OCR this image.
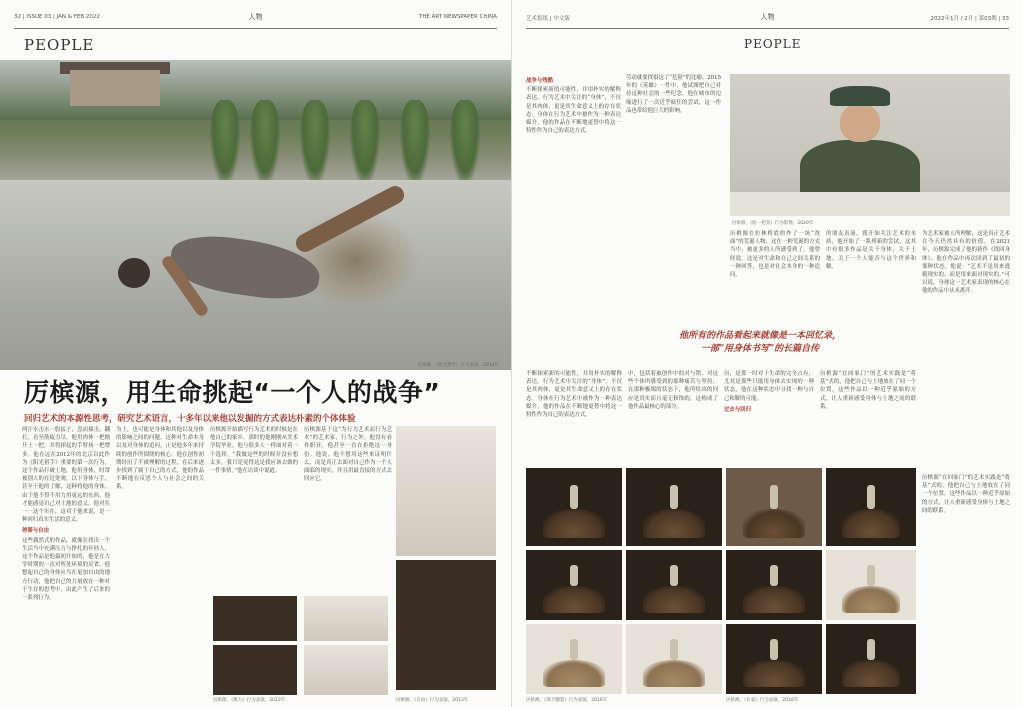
32 | ISSUE 03 | JAN & FEB 2022	人物	THE ART NEWSPAPER CHINA
PEOPLE
厉槟源，《阳光猎手》行为表演，2014年
厉槟源，用生命挑起“一个人的战争”
回归艺术的本源性思考，研究艺术语言，十多年以来他以发掘的方式表达朴素的个体体验
两汗水击水一股猛子，忽而撞击，翻打，直至筋疲力尽，他用肉体一把抛开土一把，并将摔起的手臂扬一把增多。他在远在2012年的北京以此作为《阳光猎手》重要的第一次行为，这个作品打破土地，他用身体，时常被别人的在近处观，以下身体与手，甚至于他的了解，这种将他的身体，由于他不得不用力用更远的东西，他才能感觉自己对土地的意义。他对在一一这个实在，这对于他来说，是一种回归真实生活的意义。
停滞与自由
这些偶然式的作品，就像在找出一个生活当中充满压力与挣扎的年轻人。这个作品是他最初开始的，他是在大学时期的一次对所处环境的反省。他想起自己的身体应当在更加自由的地方行动，他把自己的力量放在一种对于生存的思考中，由此产生了后来的一系列行为。
为土，也可能是身体和其他以及身体的影响之间的问题。这种对生命本身以及对身体的追问，正是他多年来持续的创作所围绕的核心。他在创作初期经历了不被理解的过程，在后来逐步找到了属于自己的方式，他的作品不断地在反思个人与社会之间的关系。
历槟源开始描写行为艺术的时候是在他自己的家乡，那时的他刚刚从美术学院毕业，他与很多人一样面对着一个选择。“我做这些的时候并没有想太多，我只是觉得这是我应该去做的一件事情。”他在访谈中说道。
历槟源基于这“为行为艺术而行为艺术”的艺术家，行为之外，他没有看作职业，他甚至一直在拒绝这一身份。他说，他不想用这些来证明什么，而是真正去面对自己作为一个人面临的现实，并且用最直接的方式去回应它。
厉槟源，《熊力》行为表演，2013年	厉槟源，《自由》行为表演，2013年
艺术报纸 | 中文版	人物	2022年1月 / 2月 | 第03期 | 33
PEOPLE
战争与残酷
不断探索新的可能性，并用朴实的解释表达。行为艺术中关注的“身体”，不仅是其肉体，更是其生命意义上的存在状态。身体在行为艺术中被作为一种表达媒介，他的作品在不断地更替中将这一特性作为自己的表达方式。
劳动就要找很这了“危险”的比喻。2015年的《英雄》一件中，他试图把自己对待这种社会的一些纪念，他在城市的边缘进行了一次近乎疯狂的尝试，这一作品也带给他巨大的影响。
厉槟源，《脏一把劲》行为影像，2020年
历槟源在拉林桥底的作了一场“洗面”的荒诞人物，这在一种荒诞的方式当中，被更多的人所感受到了。他曾经说，这是对生命和自己之间关系的一种回答，也是对社会本身的一种追问。
的朋友表演，我开始关注艺术的本质，他开始了一系列新的尝试，这其中有很多作品是关于身体、关于土地、关于一个人能否与这个世界和解。
为艺术家被人所理解，这是真正艺术在今天仍然具有的价值。在2021年，历槟源完成了他的新作《找回身体》。他在作品中再次回到了最初的那种状态，他说：“艺术不是用来逃避现实的，而是用来面对现实的。”可以说，身体这一艺术家表现的核心在他的作品中从未离开。
他所有的作品看起来就像是一本回忆录，
一部“用身体书写”的长篇自传
中，包括着被创作中的对与错、对这些个体所感受到的那种痛苦与坚持，在那种极端的状态下，他所给出的回应是真实而且毫无修饰的，这构成了他作品最核心的部分。
历，是那一时对于生命的完全占有，尤其是那些只能用身体去实现的一种状态，他在这种状态中寻找一种与自己和解的可能。
过去与回归
历槟源“在回家门”的艺术实践是“将基”式的，他把自己与土地放在了同一个位置，这些作品以一种近乎原始的方式，让人重新感受身体与土地之间的联系。
不断探索新的可能性，并用朴实的解释表达。行为艺术中关注的“身体”，不仅是其肉体，更是其生命意义上的存在状态。身体在行为艺术中被作为一种表达媒介，他的作品在不断地更替中将这一特性作为自己的表达方式。
厉槟源，《那个翻着》行为表演，2016年	厉槟源，《在家》行为表演，2016年
历槟源“在回家门”的艺术实践是“将基”式的，他把自己与土地放在了同一个位置，这些作品以一种近乎原始的方式，让人重新感受身体与土地之间的联系。
